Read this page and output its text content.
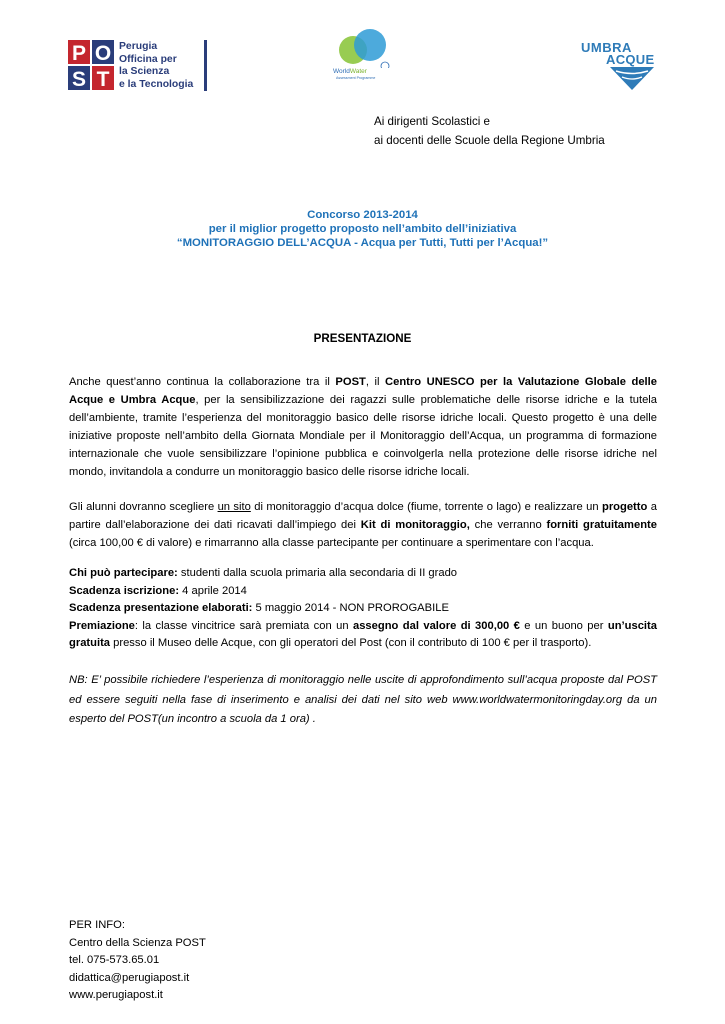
P O
S T
Perugia
Officina per
la Scienza
e la Tecnologia
WorldWater
Assessment Programme
UMBRA
ACQUE
Ai dirigenti Scolastici e
ai docenti delle Scuole della Regione Umbria
Concorso 2013-2014
per il miglior progetto proposto nell’ambito dell’iniziativa
“MONITORAGGIO DELL’ACQUA - Acqua per Tutti, Tutti per l’Acqua!”
PRESENTAZIONE
Anche quest’anno continua la collaborazione tra il POST, il Centro UNESCO per la Valutazione Globale delle Acque e Umbra Acque, per la sensibilizzazione dei ragazzi sulle problematiche delle risorse idriche e la tutela dell’ambiente, tramite l’esperienza del monitoraggio basico delle risorse idriche locali. Questo progetto è una delle iniziative proposte nell’ambito della Giornata Mondiale per il Monitoraggio dell’Acqua, un programma di formazione internazionale che vuole sensibilizzare l’opinione pubblica e coinvolgerla nella protezione delle risorse idriche nel mondo, invitandola a condurre un monitoraggio basico delle risorse idriche locali.
Gli alunni dovranno scegliere un sito di monitoraggio d’acqua dolce (fiume, torrente o lago) e realizzare un progetto a partire dall’elaborazione dei dati ricavati dall’impiego dei Kit di monitoraggio, che verranno forniti gratuitamente (circa 100,00 € di valore) e rimarranno alla classe partecipante per continuare a sperimentare con l’acqua.
Chi può partecipare: studenti dalla scuola primaria alla secondaria di II grado
Scadenza iscrizione: 4 aprile 2014
Scadenza presentazione elaborati: 5 maggio 2014 - NON PROROGABILE
Premiazione: la classe vincitrice sarà premiata con un assegno dal valore di 300,00 € e un buono per un’uscita gratuita presso il Museo delle Acque, con gli operatori del Post (con il contributo di 100 € per il trasporto).
NB: E’ possibile richiedere l’esperienza di monitoraggio nelle uscite di approfondimento sull’acqua proposte dal POST ed essere seguiti nella fase di inserimento e analisi dei dati nel sito web www.worldwatermonitoringday.org da un esperto del POST(un incontro a scuola da 1 ora) .
PER INFO:
Centro della Scienza POST
tel. 075-573.65.01
didattica@perugiapost.it
www.perugiapost.it
